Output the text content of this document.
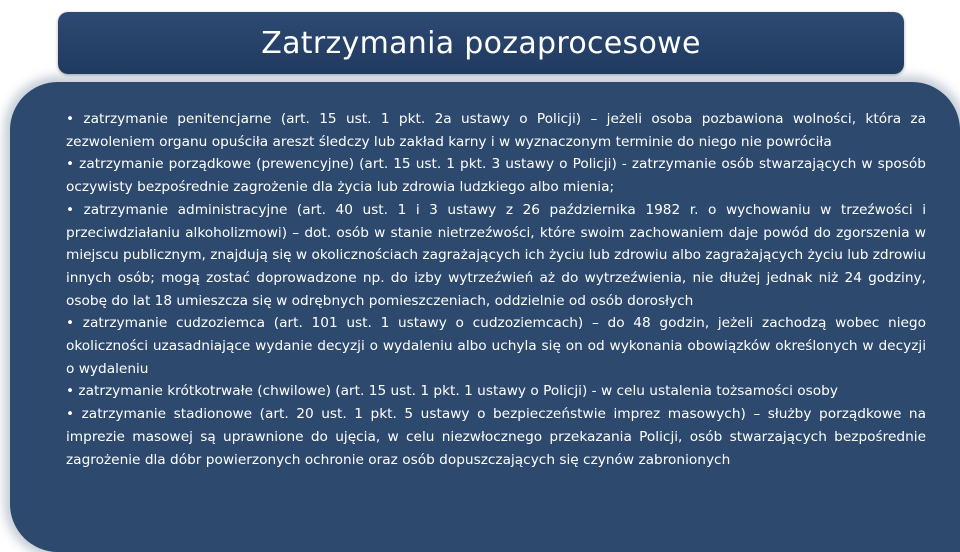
Zatrzymania pozaprocesowe

• zatrzymanie penitencjarne (art. 15 ust. 1 pkt. 2a ustawy o Policji) – jeżeli osoba pozbawiona wolności, która za zezwoleniem organu opuściła areszt śledczy lub zakład karny i w wyznaczonym terminie do niego nie powróciła

• zatrzymanie porządkowe (prewencyjne) (art. 15 ust. 1 pkt. 3 ustawy o Policji) - zatrzymanie osób stwarzających w sposób oczywisty bezpośrednie zagrożenie dla życia lub zdrowia ludzkiego albo mienia;

• zatrzymanie administracyjne (art. 40 ust. 1 i 3 ustawy z 26 października 1982 r. o wychowaniu w trzeźwości i przeciwdziałaniu alkoholizmowi) – dot. osób w stanie nietrzeźwości, które swoim zachowaniem daje powód do zgorszenia w miejscu publicznym, znajdują się w okolicznościach zagrażających ich życiu lub zdrowiu albo zagrażających życiu lub zdrowiu innych osób; mogą zostać doprowadzone np. do izby wytrzeźwień aż do wytrzeźwienia, nie dłużej jednak niż 24 godziny, osobę do lat 18 umieszcza się w odrębnych pomieszczeniach, oddzielnie od osób dorosłych

• zatrzymanie cudzoziemca (art. 101 ust. 1 ustawy o cudzoziemcach) – do 48 godzin, jeżeli zachodzą wobec niego okoliczności uzasadniające wydanie decyzji o wydaleniu albo uchyla się on od wykonania obowiązków określonych w decyzji o wydaleniu

• zatrzymanie krótkotrwałe (chwilowe) (art. 15 ust. 1 pkt. 1 ustawy o Policji) - w celu ustalenia tożsamości osoby

• zatrzymanie stadionowe (art. 20 ust. 1 pkt. 5 ustawy o bezpieczeństwie imprez masowych) – służby porządkowe na imprezie masowej są uprawnione do ujęcia, w celu niezwłocznego przekazania Policji, osób stwarzających bezpośrednie zagrożenie dla dóbr powierzonych ochronie oraz osób dopuszczających się czynów zabronionych
